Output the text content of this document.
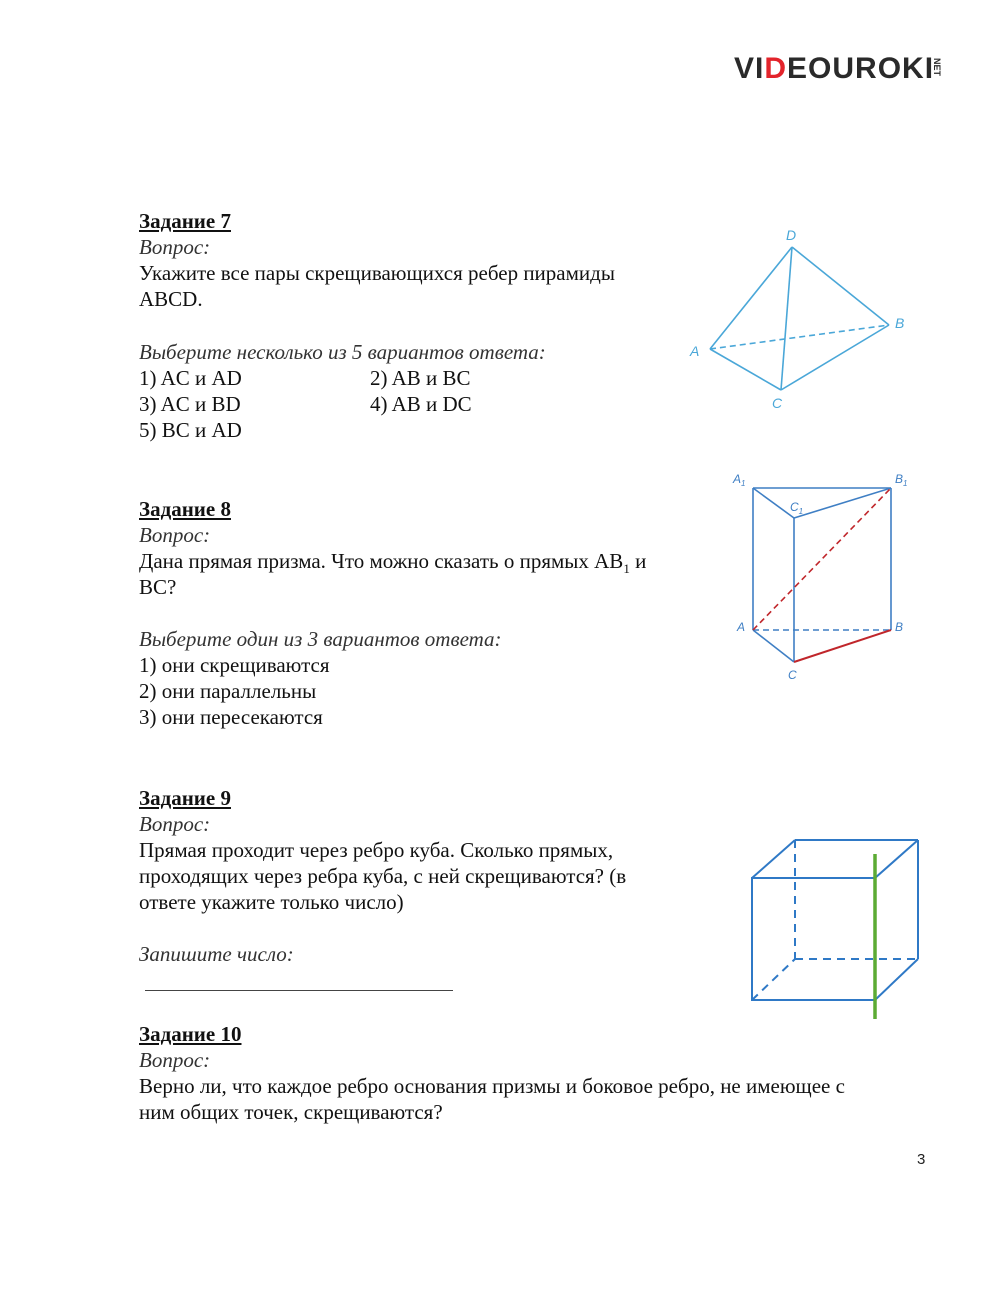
VIDEOUROKINET
Задание 7
Вопрос:
Укажите все пары скрещивающихся ребер пирамиды
ABCD.
Выберите несколько из 5 вариантов ответа:
1) AC и AD	2) AB и BC
3) AC и BD	4) AB и DC
5) BC и AD
D
A
B
C
Задание 8
Вопрос:
Дана прямая призма. Что можно сказать о прямых $AB_1$ и
BC?
Выберите один из 3 вариантов ответа:
1) они скрещиваются
2) они параллельны
3) они пересекаются
$A_1$	$B_1$
$C_1$
A	B
C
Задание 9
Вопрос:
Прямая проходит через ребро куба. Сколько прямых,
проходящих через ребра куба, с ней скрещиваются? (в
ответе укажите только число)
Запишите число:
Задание 10
Вопрос:
Верно ли, что каждое ребро основания призмы и боковое ребро, не имеющее с
ним общих точек, скрещиваются?
3
